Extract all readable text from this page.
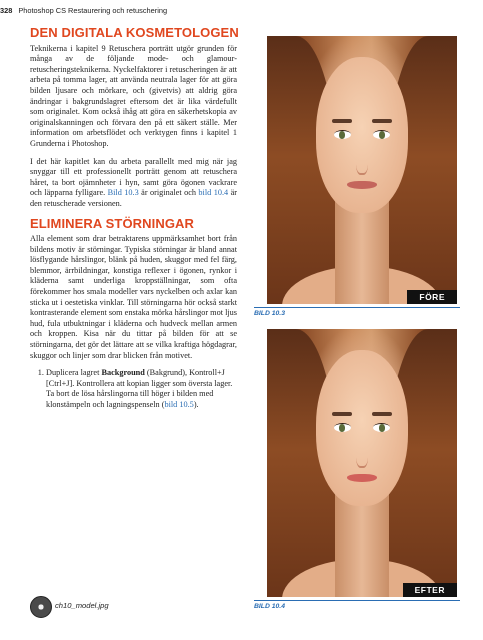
328 Photoshop CS Restaurering och retuschering
DEN DIGITALA KOSMETOLOGEN

Teknikerna i kapitel 9 Retuschera porträtt utgör grunden för många av de följande mode- och glamour-retuscheringsteknikerna. Nyckelfaktorer i retuscheringen är att arbeta på tomma lager, att använda neutrala lager för att göra bilden ljusare och mörkare, och (givetvis) att aldrig göra ändringar i bakgrundslagret eftersom det är lika värdefullt som originalet. Kom också ihåg att göra en säkerhetskopia av originalskanningen och förvara den på ett säkert ställe. Mer information om arbetsflödet och verktygen finns i kapitel 1 Grunderna i Photoshop.

I det här kapitlet kan du arbeta parallellt med mig när jag snyggar till ett professionellt porträtt genom att retuschera håret, ta bort ojämnheter i hyn, samt göra ögonen vackrare och läpparna fylligare. Bild 10.3 är originalet och bild 10.4 är den retuscherade versionen.

ELIMINERA STÖRNINGAR

Alla element som drar betraktarens uppmärksamhet bort från bildens motiv är störningar. Typiska störningar är bland annat lösflygande hårslingor, blänk på huden, skuggor med fel färg, blemmor, ärrbildningar, konstiga reflexer i ögonen, rynkor i kläderna samt underliga kroppställningar, som ofta förekommer hos smala modeller vars nyckelben och axlar kan sticka ut i oestetiska vinklar. Till störningarna hör också starkt kontrasterande element som enstaka mörka hårslingor mot ljus hud, fula utbuktningar i kläderna och hudveck mellan armen och kroppen. Kisa när du tittar på bilden för att se störningarna, det gör det lättare att se vilka kraftiga högdagrar, skuggor och linjer som drar blicken från motivet.

1. Duplicera lagret Background (Bakgrund), Kontroll+J [Ctrl+J]. Kontrollera att kopian ligger som översta lager. Ta bort de lösa hårslingorna till höger i bilden med klonstämpeln och lagningspenseln (bild 10.5).
FÖRE
BILD 10.3
EFTER
BILD 10.4
ch10_model.jpg
